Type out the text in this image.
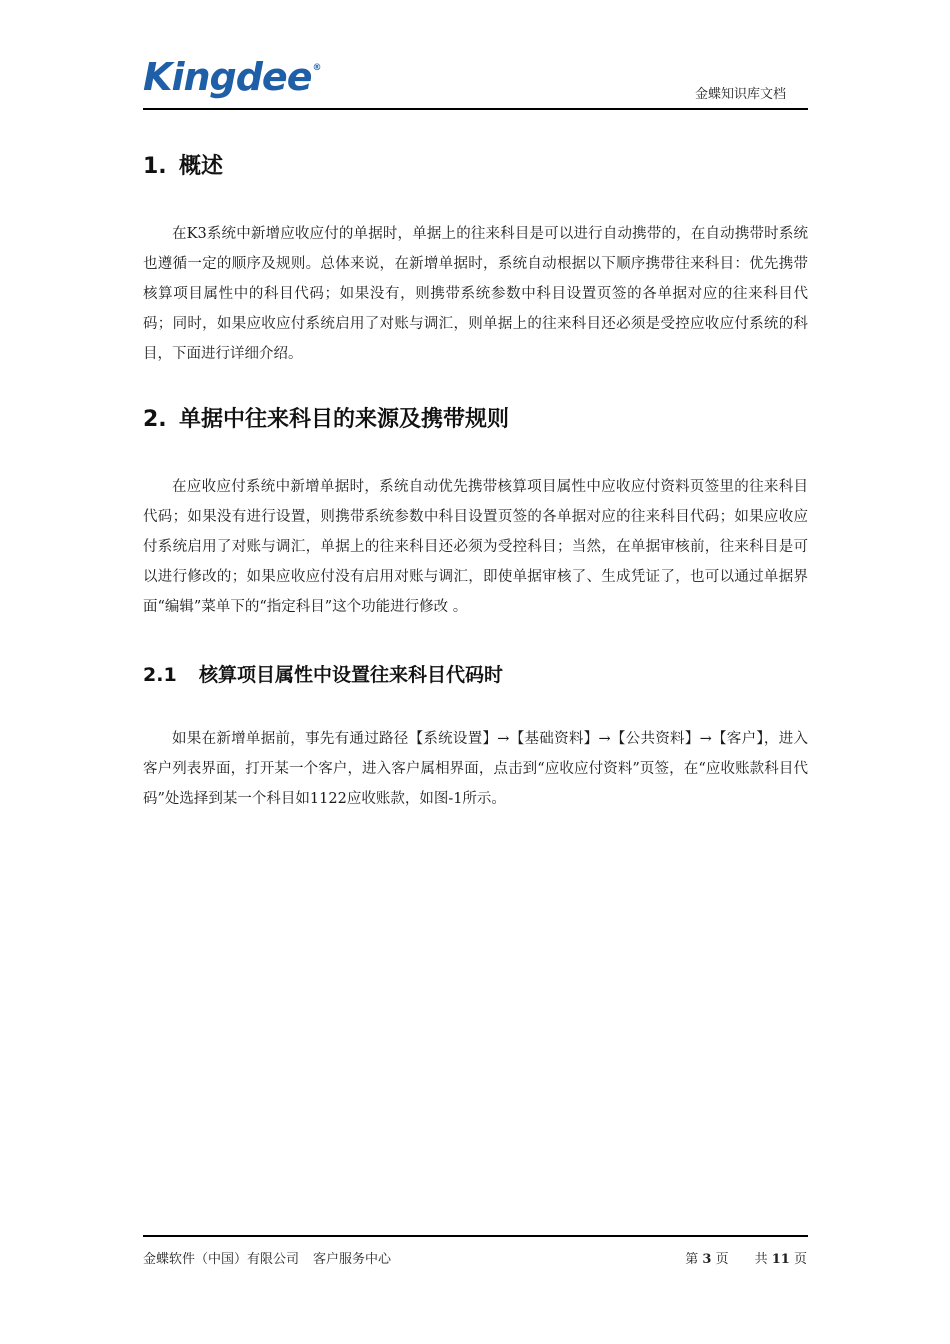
Kingdee®
金蝶知识库文档
1. 概述

在K3系统中新增应收应付的单据时，单据上的往来科目是可以进行自动携带的，在自动携带时系统也遵循一定的顺序及规则。总体来说，在新增单据时，系统自动根据以下顺序携带往来科目：优先携带核算项目属性中的科目代码；如果没有，则携带系统参数中科目设置页签的各单据对应的往来科目代码；同时，如果应收应付系统启用了对账与调汇，则单据上的往来科目还必须是受控应收应付系统的科目，下面进行详细介绍。

2. 单据中往来科目的来源及携带规则

在应收应付系统中新增单据时，系统自动优先携带核算项目属性中应收应付资料页签里的往来科目代码；如果没有进行设置，则携带系统参数中科目设置页签的各单据对应的往来科目代码；如果应收应付系统启用了对账与调汇，单据上的往来科目还必须为受控科目；当然，在单据审核前，往来科目是可以进行修改的；如果应收应付没有启用对账与调汇，即使单据审核了、生成凭证了，也可以通过单据界面“编辑”菜单下的“指定科目”这个功能进行修改 。

2.1 核算项目属性中设置往来科目代码时

如果在新增单据前，事先有通过路径【系统设置】→【基础资料】→【公共资料】→【客户】，进入客户列表界面，打开某一个客户，进入客户属相界面，点击到“应收应付资料”页签，在“应收账款科目代码”处选择到某一个科目如1122应收账款，如图-1所示。

金蝶软件（中国）有限公司 客户服务中心	第 3 页 共 11 页
